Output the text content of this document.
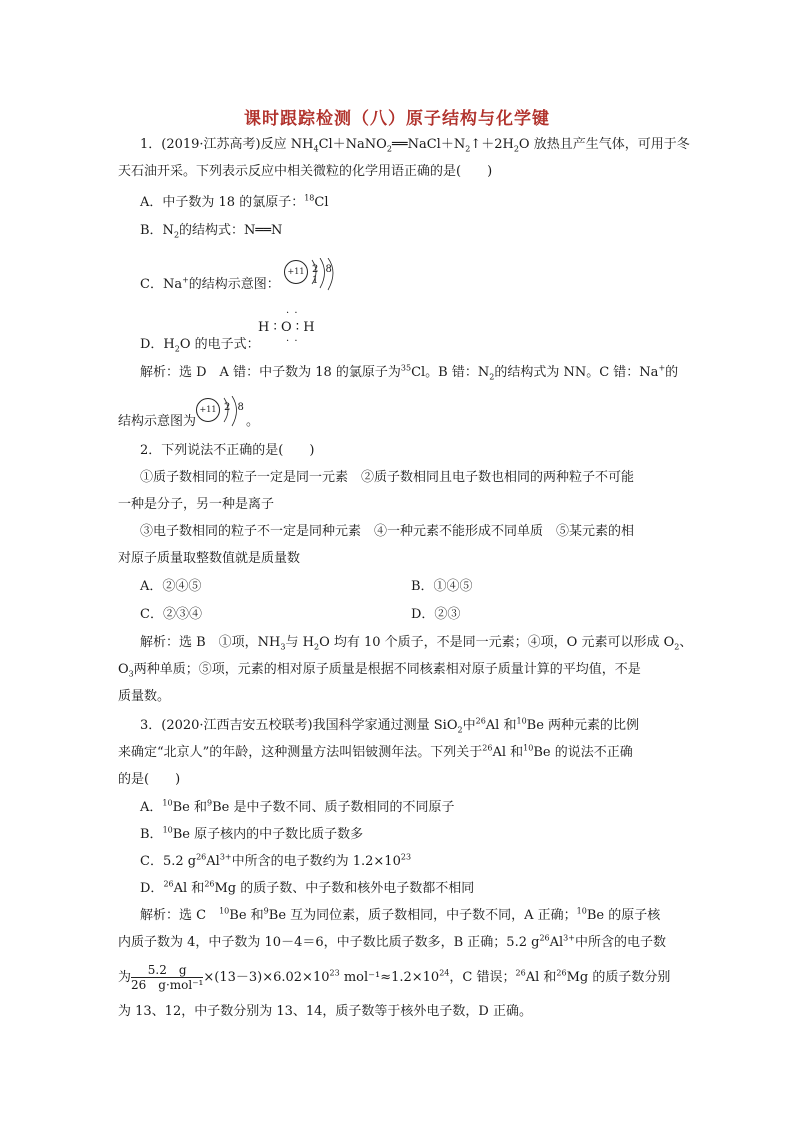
课时跟踪检测（八）原子结构与化学键
1．(2019·江苏高考)反应 $NH_4Cl+NaNO_2══NaCl+N_2↑+2H_2O$ 放热且产生气体，可用于冬
天石油开采。下列表示反应中相关微粒的化学用语正确的是(　　)
A．中子数为 18 的氯原子：$^{18}$Cl
B．$N_2$的结构式：N══N
C．Na+的结构示意图：
+11 2 8 1
· ·
H ∶ O ∶ H
· ·
D．$H_2O$ 的电子式：
解析：选 D　A 错：中子数为 18 的氯原子为$^{35}$Cl。B 错：$N_2$的结构式为 NN。C 错：Na+的
结构示意图为
+11 2 8
。
2．下列说法不正确的是(　　)
①质子数相同的粒子一定是同一元素　②质子数相同且电子数也相同的两种粒子不可能
一种是分子，另一种是离子
③电子数相同的粒子不一定是同种元素　④一种元素不能形成不同单质　⑤某元素的相
对原子质量取整数值就是质量数
A．②④⑤	B．①④⑤
C．②③④	D．②③
解析：选 B　①项，$NH_3$与 $H_2O$ 均有 10 个质子，不是同一元素；④项，O 元素可以形成 $O_2$、
$O_3$两种单质；⑤项，元素的相对原子质量是根据不同核素相对原子质量计算的平均值，不是
质量数。
3．(2020·江西吉安五校联考)我国科学家通过测量 SiO$_2$中$^{26}$Al 和$^{10}$Be 两种元素的比例
来确定“北京人”的年龄，这种测量方法叫铝铍测年法。下列关于$^{26}$Al 和$^{10}$Be 的说法不正确
的是(　　)
A．$^{10}$Be 和$^9$Be 是中子数不同、质子数相同的不同原子
B．$^{10}$Be 原子核内的中子数比质子数多
C．5.2 $g^{26}Al^{3+}$中所含的电子数约为 $1.2\times 10^{23}$
D．$^{26}$Al 和$^{26}$Mg 的质子数、中子数和核外电子数都不相同
解析：选 C　$^{10}$Be 和$^9$Be 互为同位素，质子数相同，中子数不同，A 正确；$^{10}$Be 的原子核
内质子数为 4，中子数为 10－4＝6，中子数比质子数多，B 正确；5.2 $g^{26}Al^{3+}$中所含的电子数
为 $\frac{5.2 g}{\text{26　g·mol⁻¹}} \times(13-3)\times 6.02\times 10^{23}$ $mol^{-1}\approx 1.2\times 10^{24}$，C 错误；$^{26}$Al 和$^{26}$Mg 的质子数分别
为 13、12，中子数分别为 13、14，质子数等于核外电子数，D 正确。
